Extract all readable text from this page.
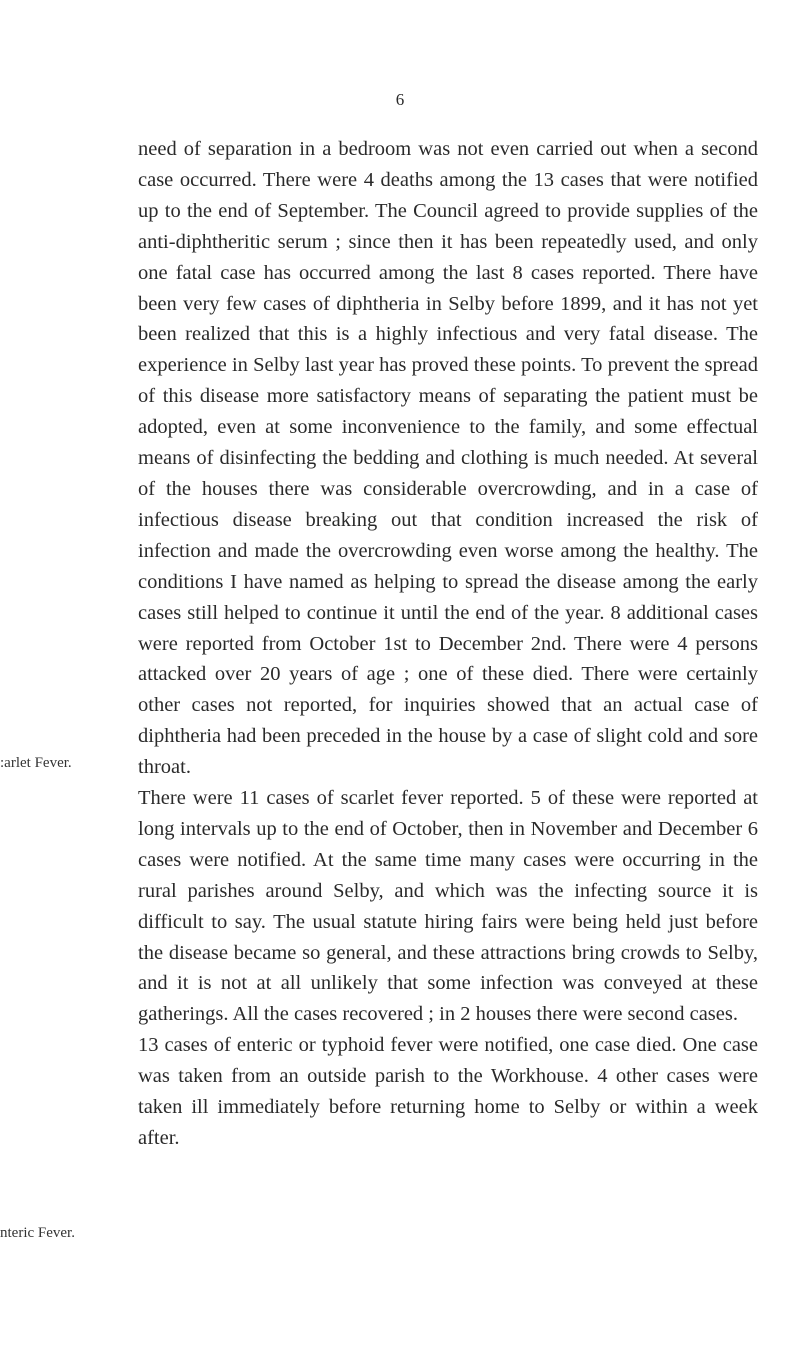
6
:arlet Fever.
nteric Fever.

need of separation in a bedroom was not even carried out when a second case occurred. There were 4 deaths among the 13 cases that were notified up to the end of September. The Council agreed to provide supplies of the anti-diphtheritic serum ; since then it has been repeatedly used, and only one fatal case has occurred among the last 8 cases reported. There have been very few cases of diphtheria in Selby before 1899, and it has not yet been realized that this is a highly infectious and very fatal disease. The experience in Selby last year has proved these points. To prevent the spread of this disease more satisfactory means of separating the patient must be adopted, even at some inconvenience to the family, and some effectual means of disinfecting the bedding and clothing is much needed. At several of the houses there was considerable overcrowding, and in a case of infectious disease breaking out that condition increased the risk of infection and made the overcrowding even worse among the healthy. The conditions I have named as helping to spread the disease among the early cases still helped to continue it until the end of the year. 8 additional cases were reported from October 1st to December 2nd. There were 4 persons attacked over 20 years of age ; one of these died. There were certainly other cases not reported, for inquiries showed that an actual case of diphtheria had been preceded in the house by a case of slight cold and sore throat.

There were 11 cases of scarlet fever reported. 5 of these were reported at long intervals up to the end of October, then in November and December 6 cases were notified. At the same time many cases were occurring in the rural parishes around Selby, and which was the infecting source it is difficult to say. The usual statute hiring fairs were being held just before the disease became so general, and these attractions bring crowds to Selby, and it is not at all unlikely that some infection was conveyed at these gatherings. All the cases recovered ; in 2 houses there were second cases.

13 cases of enteric or typhoid fever were notified, one case died. One case was taken from an outside parish to the Workhouse. 4 other cases were taken ill immediately before returning home to Selby or within a week after.
